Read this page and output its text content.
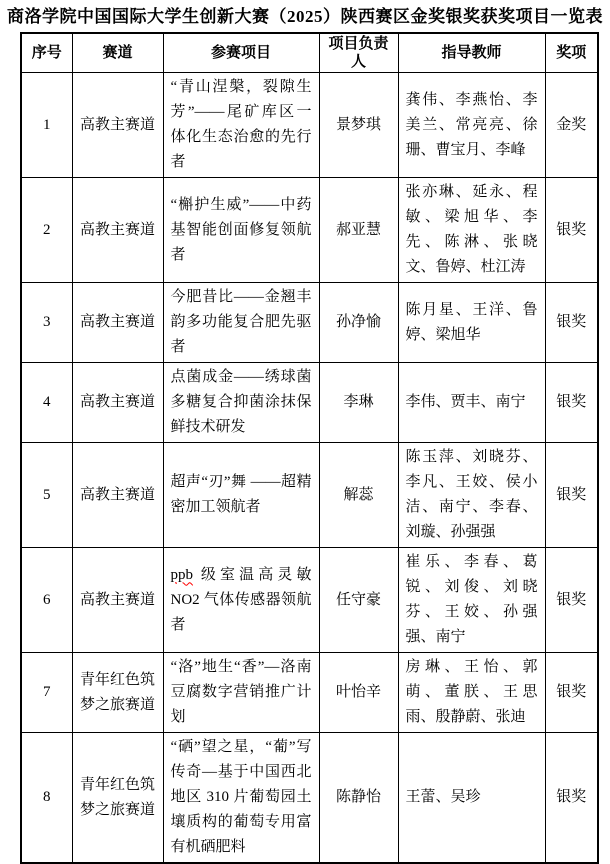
商洛学院中国国际大学生创新大赛（2025）陕西赛区金奖银奖获奖项目一览表
序号	赛道	参赛项目	项目负责人	指导教师	奖项
1	高教主赛道	“青山涅槃，裂隙生芳”——尾矿库区一体化生态治愈的先行者	景梦琪	龚伟、李燕怡、李美兰、常亮亮、徐珊、曹宝月、李峰	金奖
2	高教主赛道	“槲护生威”——中药基智能创面修复领航者	郝亚慧	张亦琳、延永、程敏、梁旭华、李先、陈淋、张晓文、鲁婷、杜江涛	银奖
3	高教主赛道	今肥昔比——金翘丰韵多功能复合肥先驱者	孙净愉	陈月星、王洋、鲁婷、梁旭华	银奖
4	高教主赛道	点菌成金——绣球菌多糖复合抑菌涂抹保鲜技术研发	李琳	李伟、贾丰、南宁	银奖
5	高教主赛道	超声“刃”舞 ——超精密加工领航者	解蕊	陈玉萍、刘晓芬、李凡、王姣、侯小洁、南宁、李春、刘璇、孙强强	银奖
6	高教主赛道	ppb 级室温高灵敏 NO2 气体传感器领航者	任守豪	崔乐、李春、葛锐、刘俊、刘晓芬、王姣、孙强强、南宁	银奖
7	青年红色筑梦之旅赛道	“洛”地生“香”—洛南豆腐数字营销推广计划	叶怡辛	房琳、王怡、郭萌、董朕、王思雨、殷静蔚、张迪	银奖
8	青年红色筑梦之旅赛道	“硒”望之星，“葡”写传奇—基于中国西北地区 310 片葡萄园土壤质构的葡萄专用富有机硒肥料	陈静怡	王蕾、吴珍	银奖
